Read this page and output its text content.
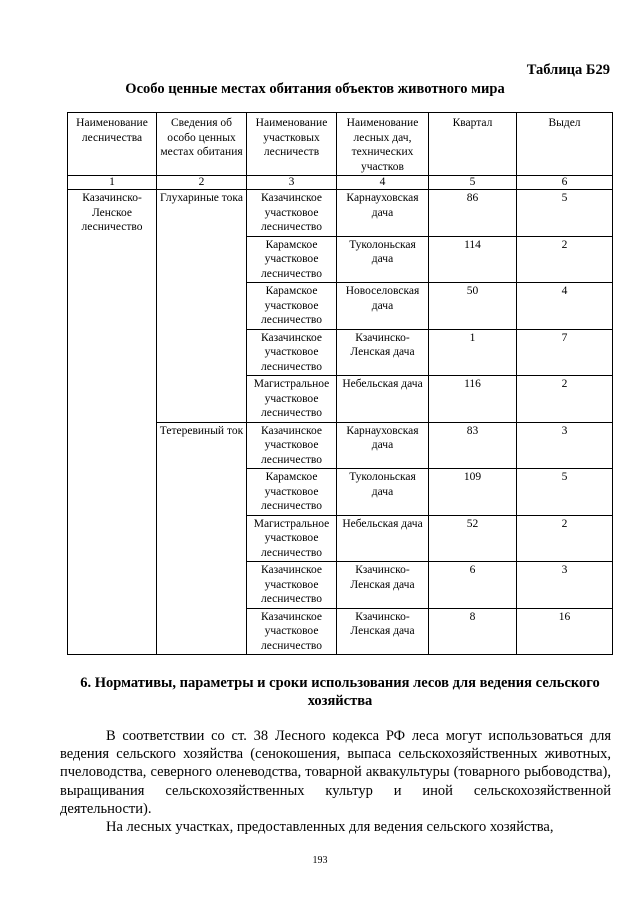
Таблица Б29
Особо ценные местах обитания объектов животного мира
Наименование лесничества	Сведения об особо ценных местах обитания	Наименование участковых лесничеств	Наименование лесных дач, технических участков	Квартал	Выдел
1	2	3	4	5	6
Казачинско-Ленское лесничество	Глухариные тока	Казачинское участковое лесничество	Карнауховская дача	86	5
		Карамское участковое лесничество	Туколоньская дача	114	2
		Карамское участковое лесничество	Новоселовская дача	50	4
		Казачинское участковое лесничество	Кзачинско-Ленская дача	1	7
		Магистральное участковое лесничество	Небельская дача	116	2
	Тетеревиный ток	Казачинское участковое лесничество	Карнауховская дача	83	3
		Карамское участковое лесничество	Туколоньская дача	109	5
		Магистральное участковое лесничество	Небельская дача	52	2
		Казачинское участковое лесничество	Кзачинско-Ленская дача	6	3
		Казачинское участковое лесничество	Кзачинско-Ленская дача	8	16
6. Нормативы, параметры и сроки использования лесов для ведения сельского хозяйства

В соответствии со ст. 38 Лесного кодекса РФ леса могут использоваться для ведения сельского хозяйства (сенокошения, выпаса сельскохозяйственных животных, пчеловодства, северного оленеводства, товарной аквакультуры (товарного рыбоводства), выращивания сельскохозяйственных культур и иной сельскохозяйственной деятельности).

На лесных участках, предоставленных для ведения сельского хозяйства,

193
